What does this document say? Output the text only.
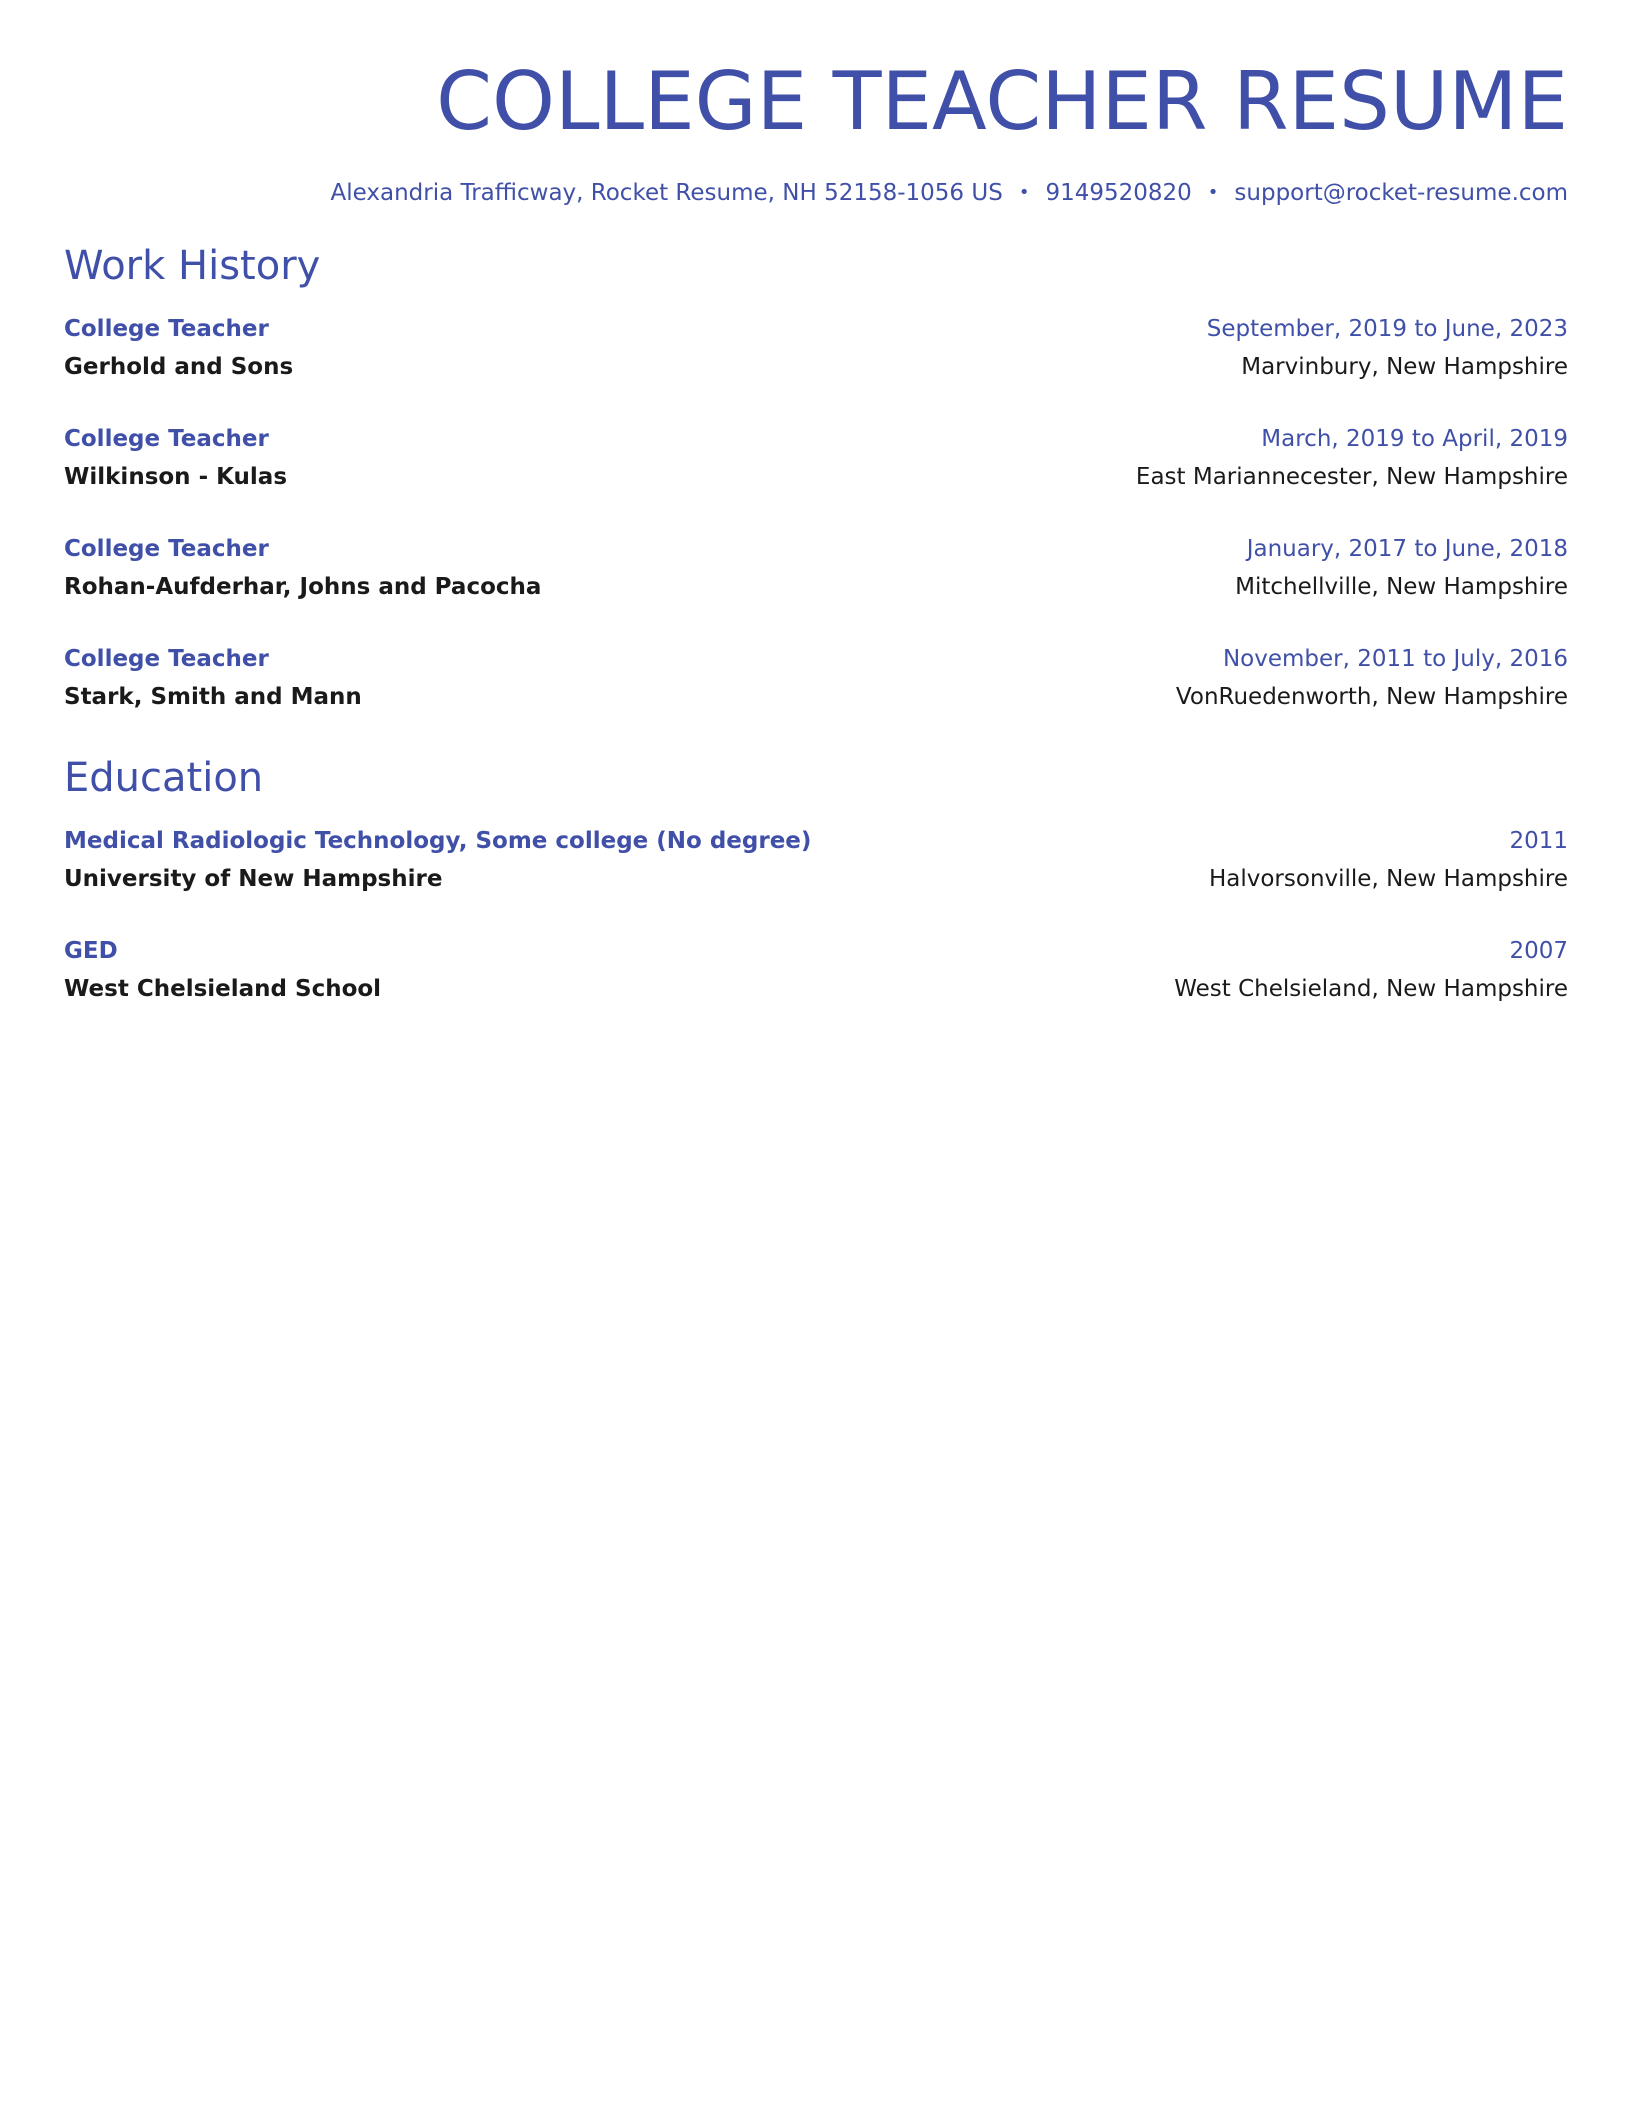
COLLEGE TEACHER RESUME
Alexandria Trafficway, Rocket Resume, NH 52158-1056 US • 9149520820 • support@rocket-resume.com
Work History
College Teacher	September, 2019 to June, 2023
Gerhold and Sons	Marvinbury, New Hampshire
College Teacher	March, 2019 to April, 2019
Wilkinson - Kulas	East Mariannecester, New Hampshire
College Teacher	January, 2017 to June, 2018
Rohan-Aufderhar, Johns and Pacocha	Mitchellville, New Hampshire
College Teacher	November, 2011 to July, 2016
Stark, Smith and Mann	VonRuedenworth, New Hampshire
Education
Medical Radiologic Technology, Some college (No degree)	2011
University of New Hampshire	Halvorsonville, New Hampshire
GED	2007
West Chelsieland School	West Chelsieland, New Hampshire
